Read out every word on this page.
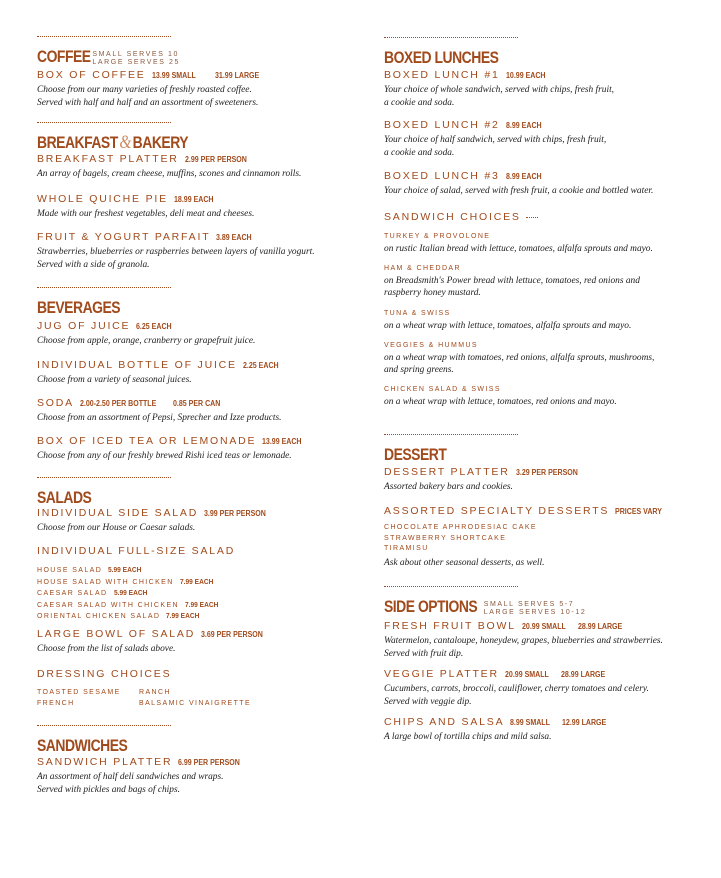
COFFEE SMALL SERVES 10
LARGE SERVES 25
BOX OF COFFEE 13.99 SMALL 31.99 LARGE
Choose from our many varieties of freshly roasted coffee.
Served with half and half and an assortment of sweeteners.
BREAKFAST&BAKERY
BREAKFAST PLATTER 2.99 PER PERSON
An array of bagels, cream cheese, muffins, scones and cinnamon rolls.
WHOLE QUICHE PIE 18.99 EACH
Made with our freshest vegetables, deli meat and cheeses.
FRUIT & YOGURT PARFAIT 3.89 EACH
Strawberries, blueberries or raspberries between layers of vanilla yogurt.
Served with a side of granola.
BEVERAGES
JUG OF JUICE 6.25 EACH
Choose from apple, orange, cranberry or grapefruit juice.
INDIVIDUAL BOTTLE OF JUICE 2.25 EACH
Choose from a variety of seasonal juices.
SODA 2.00-2.50 PER BOTTLE 0.85 PER CAN
Choose from an assortment of Pepsi, Sprecher and Izze products.
BOX OF ICED TEA OR LEMONADE 13.99 EACH
Choose from any of our freshly brewed Rishi iced teas or lemonade.
SALADS
INDIVIDUAL SIDE SALAD 3.99 PER PERSON
Choose from our House or Caesar salads.
INDIVIDUAL FULL-SIZE SALAD
HOUSE SALAD 5.99 EACH
HOUSE SALAD WITH CHICKEN 7.99 EACH
CAESAR SALAD 5.99 EACH
CAESAR SALAD WITH CHICKEN 7.99 EACH
ORIENTAL CHICKEN SALAD 7.99 EACH
LARGE BOWL OF SALAD 3.69 PER PERSON
Choose from the list of salads above.
DRESSING CHOICES
TOASTED SESAME	RANCH
FRENCH	BALSAMIC VINAIGRETTE
SANDWICHES
SANDWICH PLATTER 6.99 PER PERSON
An assortment of half deli sandwiches and wraps.
Served with pickles and bags of chips.
BOXED LUNCHES
BOXED LUNCH #1 10.99 EACH
Your choice of whole sandwich, served with chips, fresh fruit,
a cookie and soda.
BOXED LUNCH #2 8.99 EACH
Your choice of half sandwich, served with chips, fresh fruit,
a cookie and soda.
BOXED LUNCH #3 8.99 EACH
Your choice of salad, served with fresh fruit, a cookie and bottled water.
SANDWICH CHOICES
TURKEY & PROVOLONE
on rustic Italian bread with lettuce, tomatoes, alfalfa sprouts and mayo.
HAM & CHEDDAR
on Breadsmith's Power bread with lettuce, tomatoes, red onions and
raspberry honey mustard.
TUNA & SWISS
on a wheat wrap with lettuce, tomatoes, alfalfa sprouts and mayo.
VEGGIES & HUMMUS
on a wheat wrap with tomatoes, red onions, alfalfa sprouts, mushrooms,
and spring greens.
CHICKEN SALAD & SWISS
on a wheat wrap with lettuce, tomatoes, red onions and mayo.
DESSERT
DESSERT PLATTER 3.29 PER PERSON
Assorted bakery bars and cookies.
ASSORTED SPECIALTY DESSERTS PRICES VARY
CHOCOLATE APHRODESIAC CAKE
STRAWBERRY SHORTCAKE
TIRAMISU
Ask about other seasonal desserts, as well.
SIDE OPTIONS SMALL SERVES 5-7
LARGE SERVES 10-12
FRESH FRUIT BOWL 20.99 SMALL 28.99 LARGE
Watermelon, cantaloupe, honeydew, grapes, blueberries and strawberries.
Served with fruit dip.
VEGGIE PLATTER 20.99 SMALL 28.99 LARGE
Cucumbers, carrots, broccoli, cauliflower, cherry tomatoes and celery.
Served with veggie dip.
CHIPS AND SALSA 8.99 SMALL 12.99 LARGE
A large bowl of tortilla chips and mild salsa.
